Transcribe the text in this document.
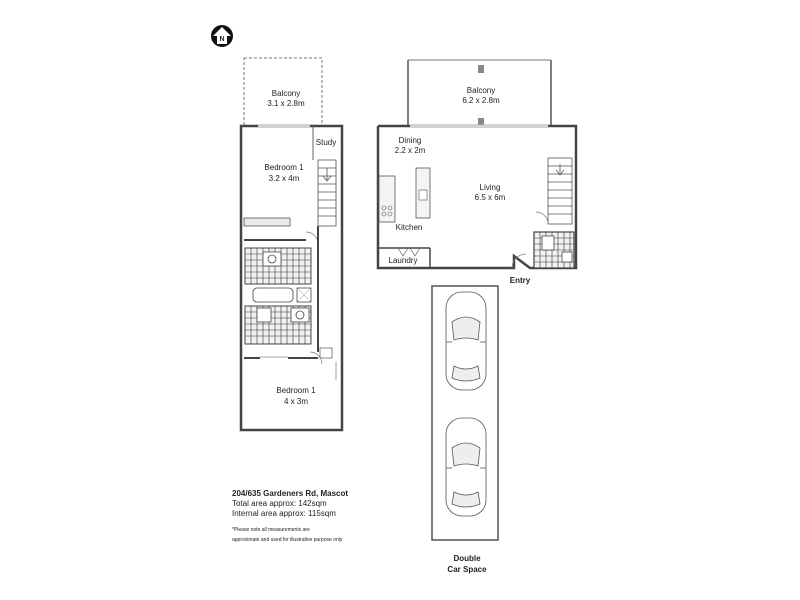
N
Balcony
3.1 x 2.8m
Study
Bedroom 1
3.2 x 4m
Bedroom 1
4 x 3m
Balcony
6.2 x 2.8m
Dining
2.2 x 2m
Living
6.5 x 6m
Kitchen
Laundry
Entry
Double
Car Space
204/635 Gardeners Rd, Mascot
Total area approx: 142sqm
Internal area approx: 115sqm
*Please note all measurements are
approximate and used for illustrative purpose only
